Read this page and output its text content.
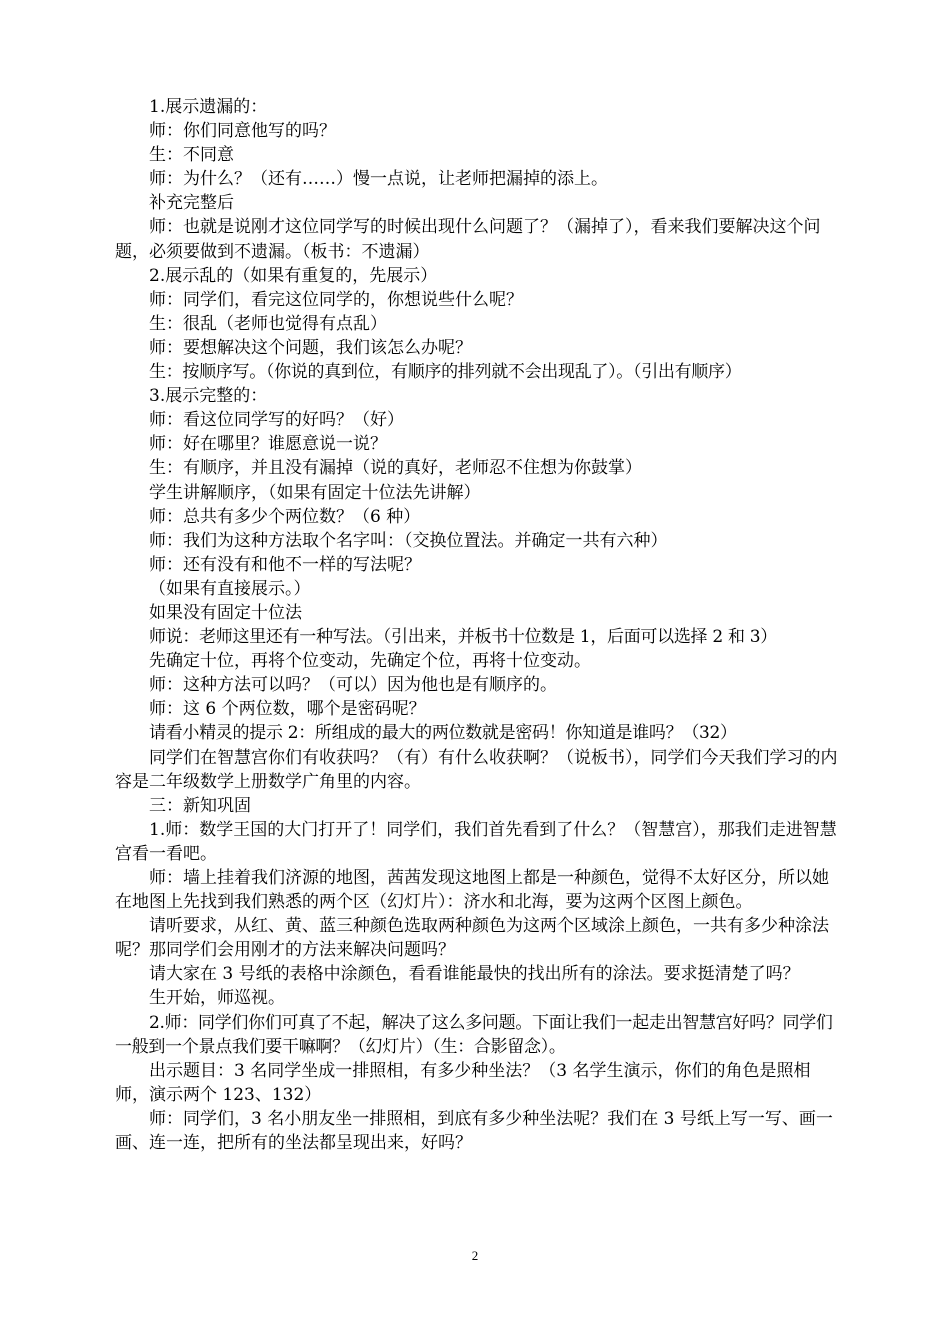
1.展示遗漏的：

师：你们同意他写的吗？

生：不同意

师：为什么？（还有……）慢一点说，让老师把漏掉的添上。

补充完整后

师：也就是说刚才这位同学写的时候出现什么问题了？（漏掉了），看来我们要解决这个问题，必须要做到不遗漏。（板书：不遗漏）

2.展示乱的（如果有重复的，先展示）

师：同学们，看完这位同学的，你想说些什么呢？

生：很乱（老师也觉得有点乱）

师：要想解决这个问题，我们该怎么办呢？

生：按顺序写。（你说的真到位，有顺序的排列就不会出现乱了）。（引出有顺序）

3.展示完整的：

师：看这位同学写的好吗？（好）

师：好在哪里？谁愿意说一说？

生：有顺序，并且没有漏掉（说的真好，老师忍不住想为你鼓掌）

学生讲解顺序，（如果有固定十位法先讲解）

师：总共有多少个两位数？（6 种）

师：我们为这种方法取个名字叫：（交换位置法。并确定一共有六种）

师：还有没有和他不一样的写法呢？

（如果有直接展示。）

如果没有固定十位法

师说：老师这里还有一种写法。（引出来，并板书十位数是 1，后面可以选择 2 和 3）

先确定十位，再将个位变动，先确定个位，再将十位变动。

师：这种方法可以吗？（可以）因为他也是有顺序的。

师：这 6 个两位数，哪个是密码呢？

请看小精灵的提示 2：所组成的最大的两位数就是密码！你知道是谁吗？（32）

同学们在智慧宫你们有收获吗？（有）有什么收获啊？（说板书），同学们今天我们学习的内容是二年级数学上册数学广角里的内容。

三：新知巩固

1.师：数学王国的大门打开了！同学们，我们首先看到了什么？（智慧宫），那我们走进智慧宫看一看吧。

师：墙上挂着我们济源的地图，茜茜发现这地图上都是一种颜色，觉得不太好区分，所以她在地图上先找到我们熟悉的两个区（幻灯片）：济水和北海，要为这两个区图上颜色。

请听要求，从红、黄、蓝三种颜色选取两种颜色为这两个区域涂上颜色，一共有多少种涂法呢？那同学们会用刚才的方法来解决问题吗？

请大家在 3 号纸的表格中涂颜色，看看谁能最快的找出所有的涂法。要求挺清楚了吗？

生开始，师巡视。

2.师：同学们你们可真了不起，解决了这么多问题。下面让我们一起走出智慧宫好吗？同学们一般到一个景点我们要干嘛啊？（幻灯片）（生：合影留念）。

出示题目：3 名同学坐成一排照相，有多少种坐法？（3 名学生演示，你们的角色是照相师，演示两个 123、132）

师：同学们，3 名小朋友坐一排照相，到底有多少种坐法呢？我们在 3 号纸上写一写、画一画、连一连，把所有的坐法都呈现出来，好吗？

2
